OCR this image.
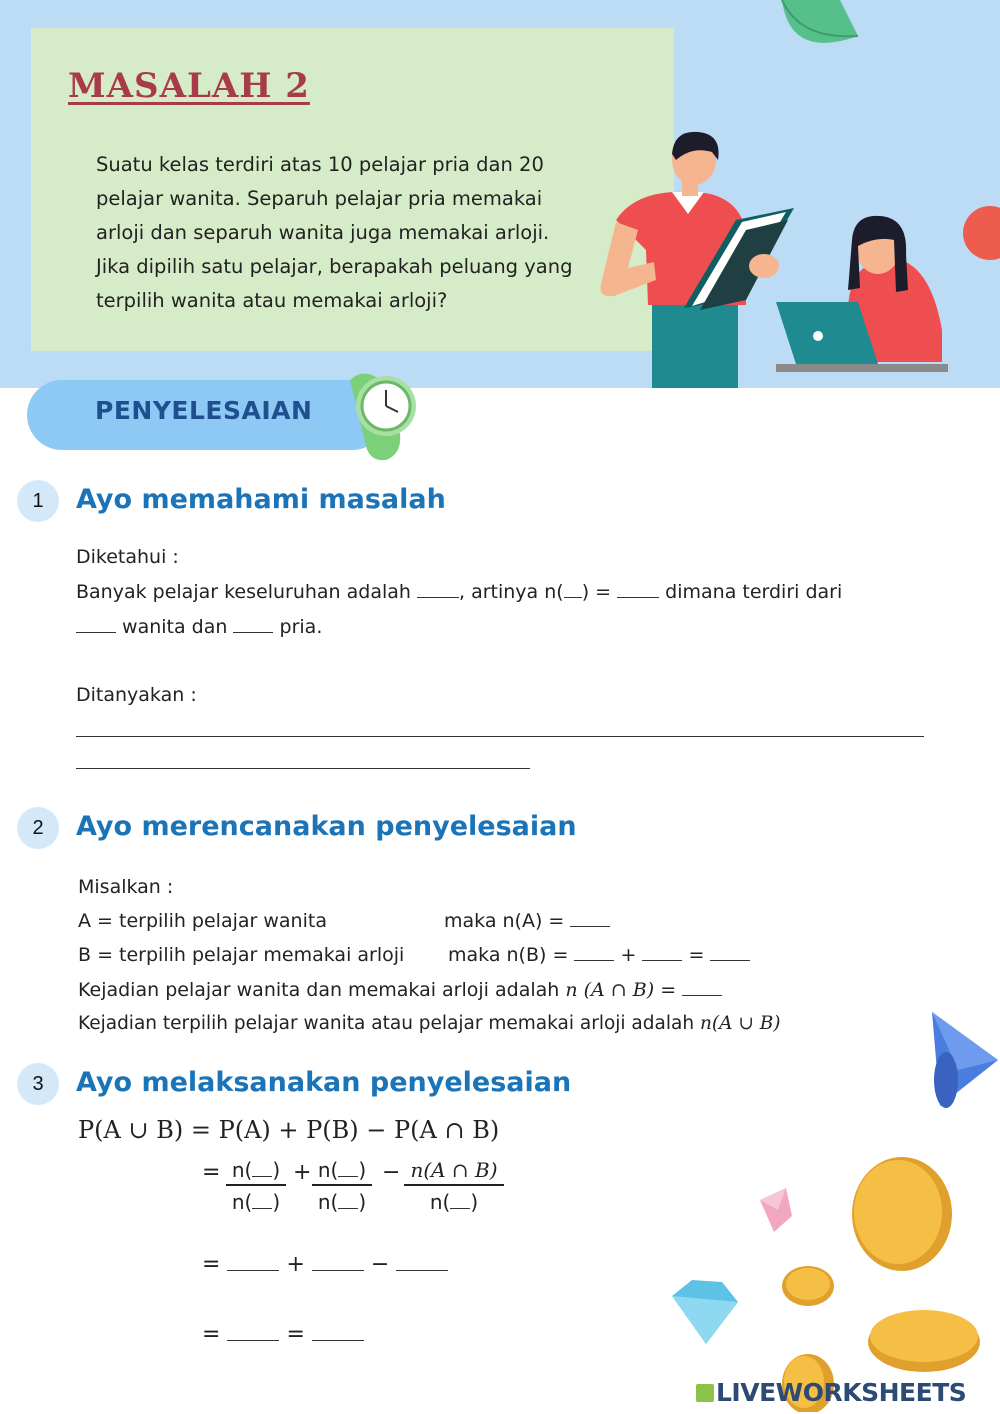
MASALAH 2
Suatu kelas terdiri atas 10 pelajar pria dan 20
pelajar wanita. Separuh pelajar pria memakai
arloji dan separuh wanita juga memakai arloji.
Jika dipilih satu pelajar, berapakah peluang yang
terpilih wanita atau memakai arloji?
PENYELESAIAN
1	Ayo memahami masalah
Diketahui :
Banyak pelajar keseluruhan adalah	, artinya n( ) =	dimana terdiri dari
wanita dan	pria.
Ditanyakan :
2	Ayo merencanakan penyelesaian
Misalkan :
A = terpilih pelajar wanita	maka n(A) =
B = terpilih pelajar memakai arloji maka n(B) =	+	=
Kejadian pelajar wanita dan memakai arloji adalah n (A ∩ B) =
Kejadian terpilih pelajar wanita atau pelajar memakai arloji adalah n(A ∪ B)
3	Ayo melaksanakan penyelesaian
P(A ∪ B) = P(A) + P(B) − P(A ∩ B)
= $\frac{n( )}{n( )} + \frac{n( )}{n( )} - \frac{n(A \cap B)}{n( )}$
=	+	−
=	=
LIVEWORKSHEETS
